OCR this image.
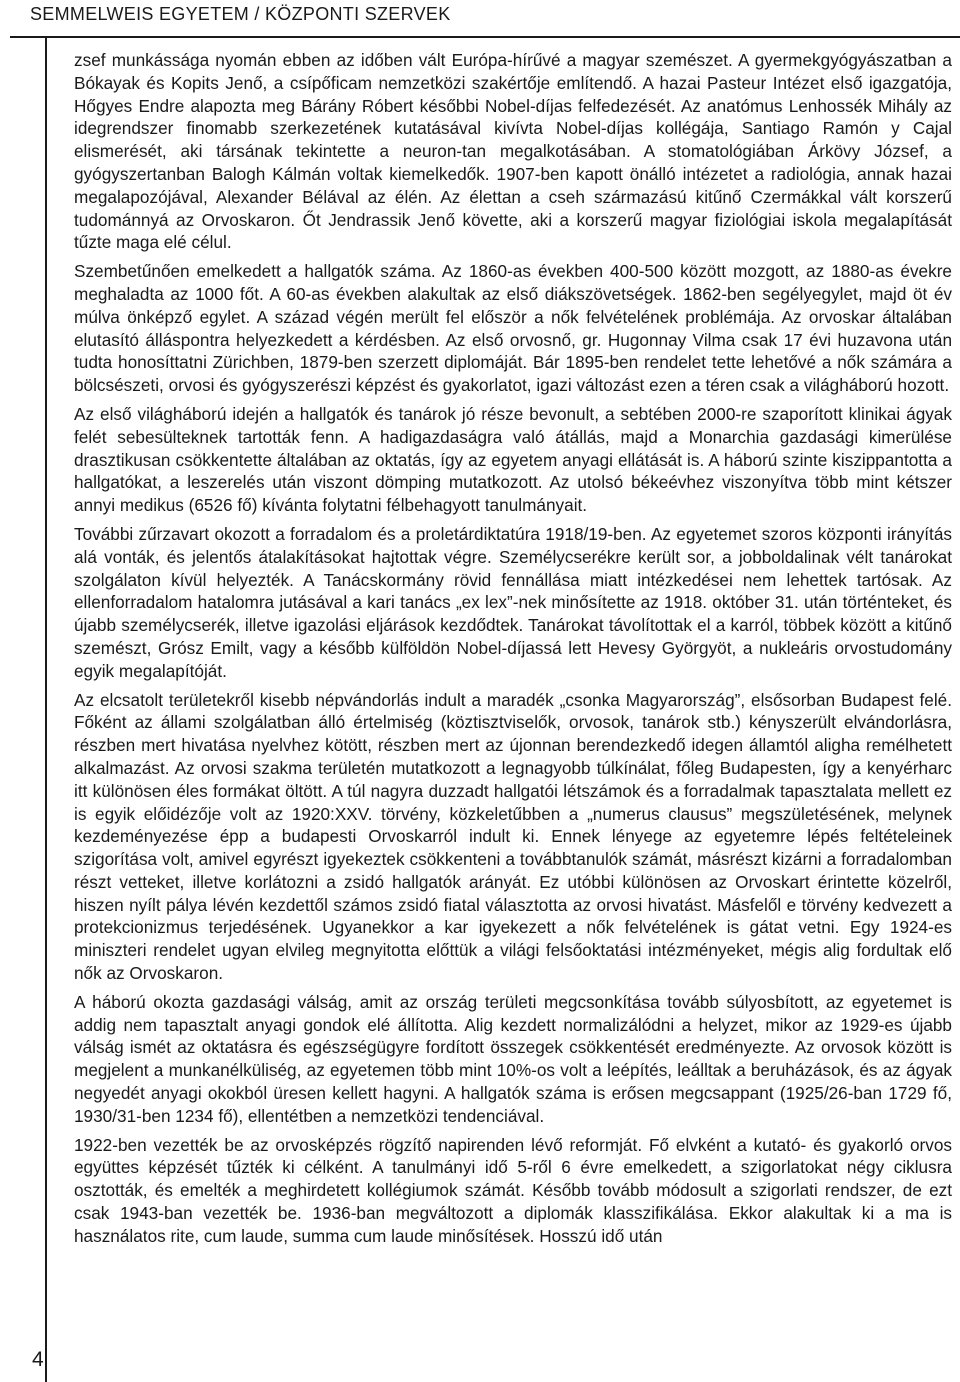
SEMMELWEIS EGYETEM / KÖZPONTI SZERVEK

zsef munkássága nyomán ebben az időben vált Európa-hírűvé a magyar szemészet. A gyermekgyógyászatban a Bókayak és Kopits Jenő, a csípőficam nemzetközi szakértője említendő. A hazai Pasteur Intézet első igazgatója, Hőgyes Endre alapozta meg Bárány Róbert későbbi Nobel-díjas felfedezését. Az anatómus Lenhossék Mihály az idegrendszer finomabb szerkezetének kutatásával kivívta Nobel-díjas kollégája, Santiago Ramón y Cajal elismerését, aki társának tekintette a neuron-tan megalkotásában. A stomatológiában Árkövy József, a gyógyszertanban Balogh Kálmán voltak kiemelkedők. 1907-ben kapott önálló intézetet a radiológia, annak hazai megalapozójával, Alexander Bélával az élén. Az élettan a cseh származású kitűnő Czermákkal vált korszerű tudománnyá az Orvoskaron. Őt Jendrassik Jenő követte, aki a korszerű magyar fiziológiai iskola megalapítását tűzte maga elé célul.

Szembetűnően emelkedett a hallgatók száma. Az 1860-as években 400-500 között mozgott, az 1880-as évekre meghaladta az 1000 főt. A 60-as években alakultak az első diákszövetségek. 1862-ben segélyegylet, majd öt év múlva önképző egylet. A század végén merült fel először a nők felvételének problémája. Az orvoskar általában elutasító álláspontra helyezkedett a kérdésben. Az első orvosnő, gr. Hugonnay Vilma csak 17 évi huzavona után tudta honosíttatni Zürichben, 1879-ben szerzett diplomáját. Bár 1895-ben rendelet tette lehetővé a nők számára a bölcsészeti, orvosi és gyógyszerészi képzést és gyakorlatot, igazi változást ezen a téren csak a világháború hozott.

Az első világháború idején a hallgatók és tanárok jó része bevonult, a sebtében 2000-re szaporított klinikai ágyak felét sebesülteknek tartották fenn. A hadigazdaságra való átállás, majd a Monarchia gazdasági kimerülése drasztikusan csökkentette általában az oktatás, így az egyetem anyagi ellátását is. A háború szinte kiszippantotta a hallgatókat, a leszerelés után viszont dömping mutatkozott. Az utolsó békeévhez viszonyítva több mint kétszer annyi medikus (6526 fő) kívánta folytatni félbehagyott tanulmányait.

További zűrzavart okozott a forradalom és a proletárdiktatúra 1918/19-ben. Az egyetemet szoros központi irányítás alá vonták, és jelentős átalakításokat hajtottak végre. Személycserékre került sor, a jobboldalinak vélt tanárokat szolgálaton kívül helyezték. A Tanácskormány rövid fennállása miatt intézkedései nem lehettek tartósak. Az ellenforradalom hatalomra jutásával a kari tanács „ex lex”-nek minősítette az 1918. október 31. után történteket, és újabb személycserék, illetve igazolási eljárások kezdődtek. Tanárokat távolítottak el a karról, többek között a kitűnő szemészt, Grósz Emilt, vagy a később külföldön Nobel-díjassá lett Hevesy Györgyöt, a nukleáris orvostudomány egyik megalapítóját.

Az elcsatolt területekről kisebb népvándorlás indult a maradék „csonka Magyarország”, elsősorban Budapest felé. Főként az állami szolgálatban álló értelmiség (köztisztviselők, orvosok, tanárok stb.) kényszerült elvándorlásra, részben mert hivatása nyelvhez kötött, részben mert az újonnan berendezkedő idegen államtól aligha remélhetett alkalmazást. Az orvosi szakma területén mutatkozott a legnagyobb túlkínálat, főleg Budapesten, így a kenyérharc itt különösen éles formákat öltött. A túl nagyra duzzadt hallgatói létszámok és a forradalmak tapasztalata mellett ez is egyik előidézője volt az 1920:XXV. törvény, közkeletűbben a „numerus clausus” megszületésének, melynek kezdeményezése épp a budapesti Orvoskarról indult ki. Ennek lényege az egyetemre lépés feltételeinek szigorítása volt, amivel egyrészt igyekeztek csökkenteni a továbbtanulók számát, másrészt kizárni a forradalomban részt vetteket, illetve korlátozni a zsidó hallgatók arányát. Ez utóbbi különösen az Orvoskart érintette közelről, hiszen nyílt pálya lévén kezdettől számos zsidó fiatal választotta az orvosi hivatást. Másfelől e törvény kedvezett a protekcionizmus terjedésének. Ugyanekkor a kar igyekezett a nők felvételének is gátat vetni. Egy 1924-es miniszteri rendelet ugyan elvileg megnyitotta előttük a világi felsőoktatási intézményeket, mégis alig fordultak elő nők az Orvoskaron.

A háború okozta gazdasági válság, amit az ország területi megcsonkítása tovább súlyosbított, az egyetemet is addig nem tapasztalt anyagi gondok elé állította. Alig kezdett normalizálódni a helyzet, mikor az 1929-es újabb válság ismét az oktatásra és egészségügyre fordított összegek csökkentését eredményezte. Az orvosok között is megjelent a munkanélküliség, az egyetemen több mint 10%-os volt a leépítés, leálltak a beruházások, és az ágyak negyedét anyagi okokból üresen kellett hagyni. A hallgatók száma is erősen megcsappant (1925/26-ban 1729 fő, 1930/31-ben 1234 fő), ellentétben a nemzetközi tendenciával.

1922-ben vezették be az orvosképzés rögzítő napirenden lévő reformját. Fő elvként a kutató- és gyakorló orvos együttes képzését tűzték ki célként. A tanulmányi idő 5-ről 6 évre emelkedett, a szigorlatokat négy ciklusra osztották, és emelték a meghirdetett kollégiumok számát. Később tovább módosult a szigorlati rendszer, de ezt csak 1943-ban vezették be. 1936-ban megváltozott a diplomák klasszifikálása. Ekkor alakultak ki a ma is használatos rite, cum laude, summa cum laude minősítések. Hosszú idő után

4
